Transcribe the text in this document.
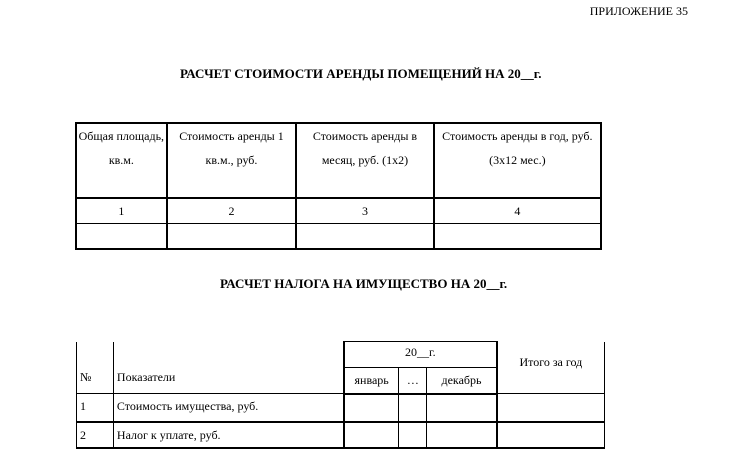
ПРИЛОЖЕНИЕ 35
РАСЧЕТ СТОИМОСТИ АРЕНДЫ ПОМЕЩЕНИЙ НА 20__г.
Общая площадь, кв.м.	Стоимость аренды 1 кв.м., руб.	Стоимость аренды в месяц, руб. (1х2)	Стоимость аренды в год, руб. (3х12 мес.)
1	2	3	4

РАСЧЕТ НАЛОГА НА ИМУЩЕСТВО НА 20__г.
№	Показатели	20__г.			Итого за год
		январь	…	декабрь	
1	Стоимость имущества, руб.				
2	Налог к уплате, руб.				
